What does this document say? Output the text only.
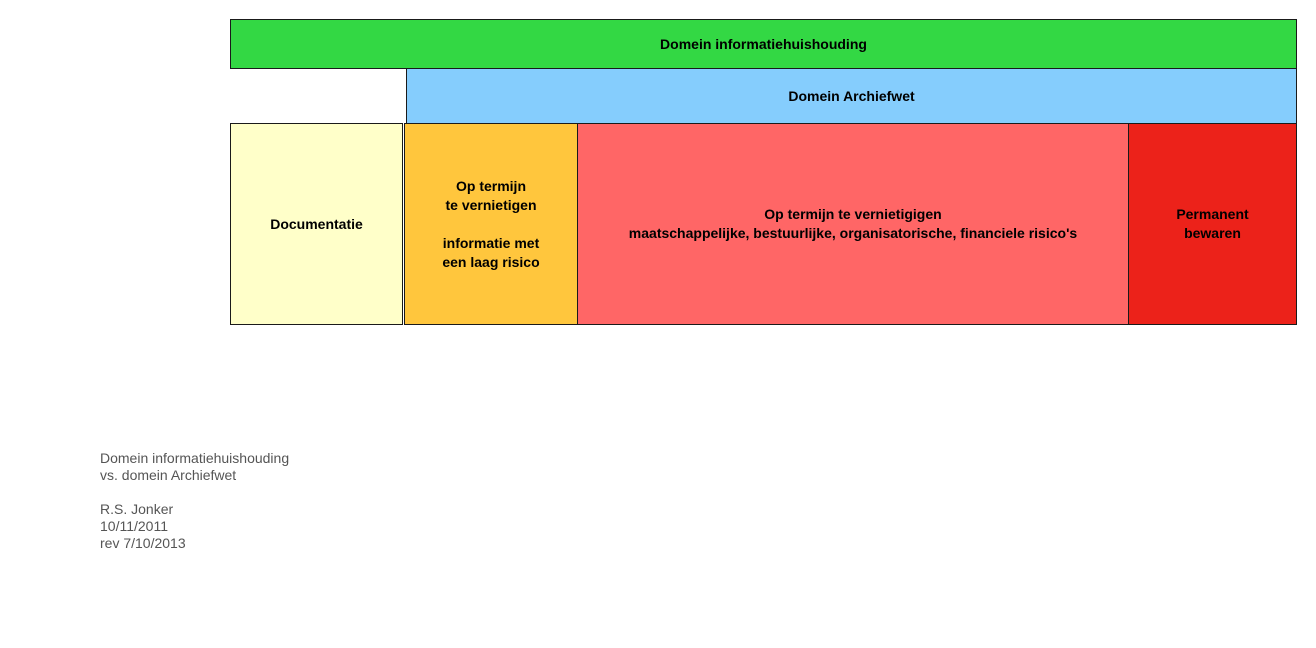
Domein informatiehuishouding
Domein Archiefwet
Documentatie
Op termijn
te vernietigen
informatie met
een laag risico
Op termijn te vernietigigen
maatschappelijke, bestuurlijke, organisatorische, financiele risico's
Permanent
bewaren
Domein informatiehuishouding
vs. domein Archiefwet
R.S. Jonker
10/11/2011
rev 7/10/2013
